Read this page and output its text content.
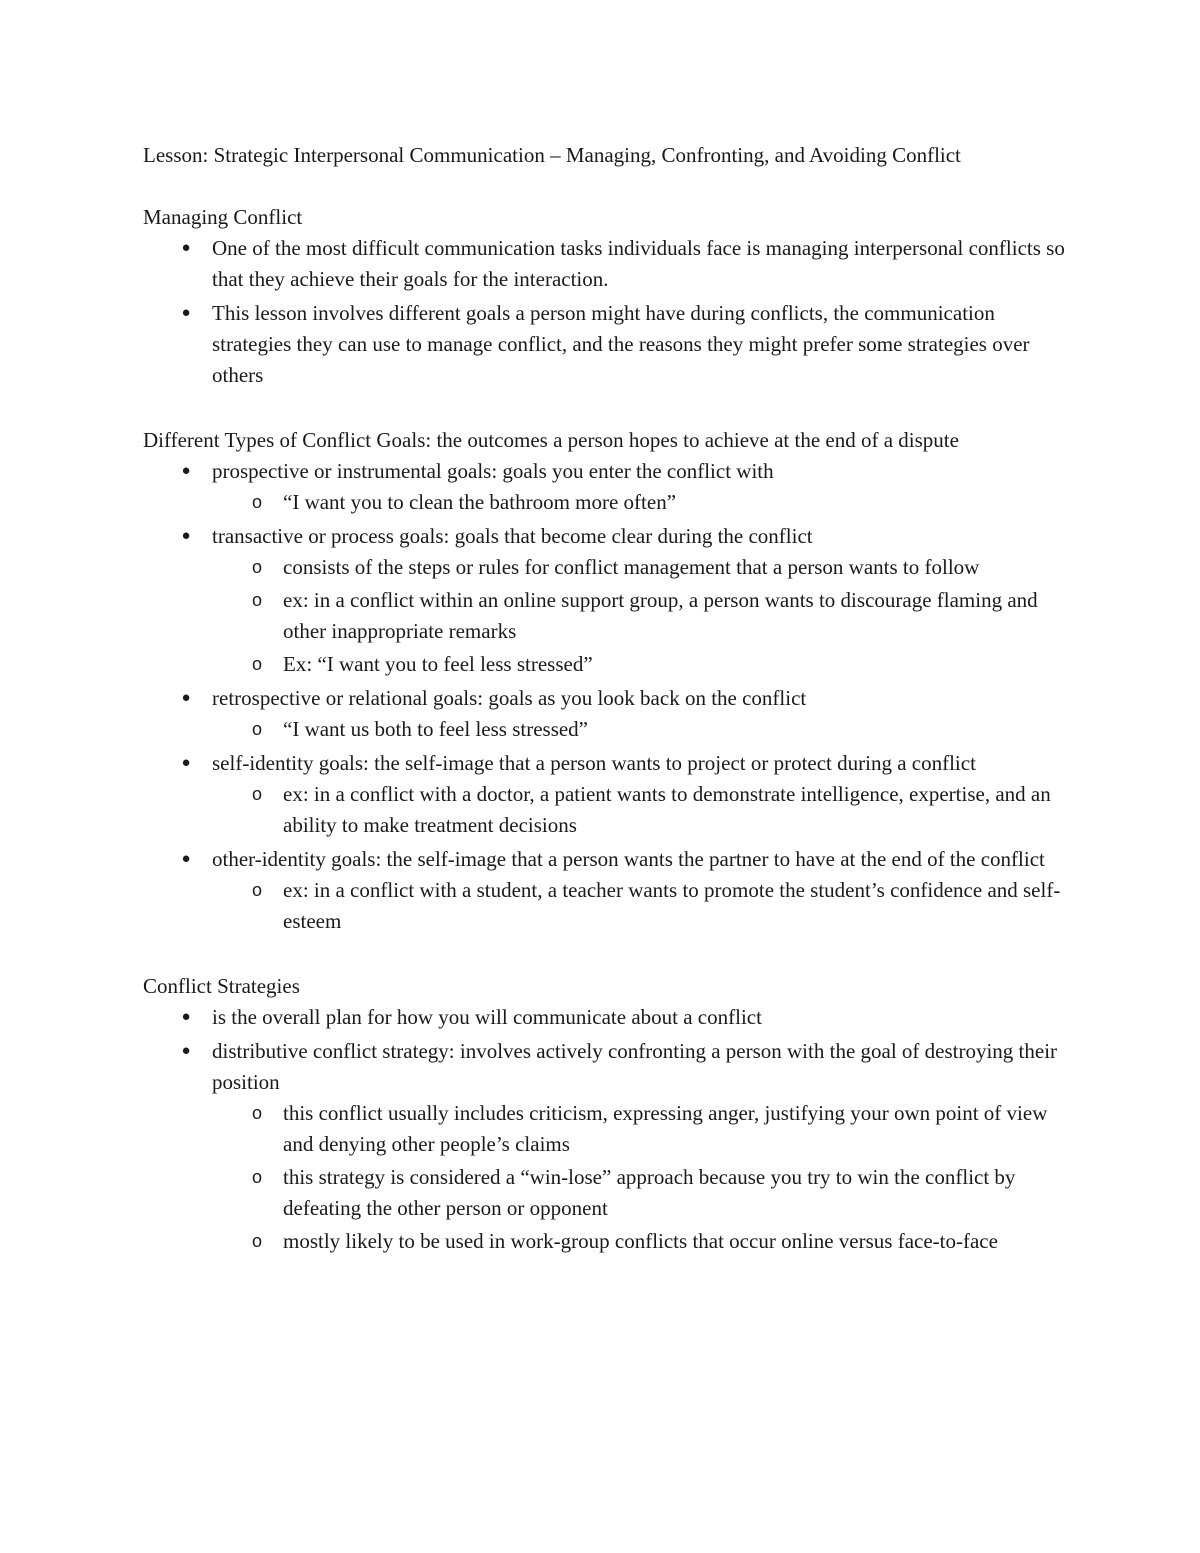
Lesson: Strategic Interpersonal Communication – Managing, Confronting, and Avoiding Conflict

Managing Conflict

● One of the most difficult communication tasks individuals face is managing interpersonal conflicts so that they achieve their goals for the interaction.
● This lesson involves different goals a person might have during conflicts, the communication strategies they can use to manage conflict, and the reasons they might prefer some strategies over others

Different Types of Conflict Goals: the outcomes a person hopes to achieve at the end of a dispute

● prospective or instrumental goals: goals you enter the conflict with
o “I want you to clean the bathroom more often”
● transactive or process goals: goals that become clear during the conflict
o consists of the steps or rules for conflict management that a person wants to follow
o ex: in a conflict within an online support group, a person wants to discourage flaming and other inappropriate remarks
o Ex: “I want you to feel less stressed”
● retrospective or relational goals: goals as you look back on the conflict
o “I want us both to feel less stressed”
● self-identity goals: the self-image that a person wants to project or protect during a conflict
o ex: in a conflict with a doctor, a patient wants to demonstrate intelligence, expertise, and an ability to make treatment decisions
● other-identity goals: the self-image that a person wants the partner to have at the end of the conflict
o ex: in a conflict with a student, a teacher wants to promote the student’s confidence and self-esteem

Conflict Strategies

● is the overall plan for how you will communicate about a conflict
● distributive conflict strategy: involves actively confronting a person with the goal of destroying their position
o this conflict usually includes criticism, expressing anger, justifying your own point of view and denying other people’s claims
o this strategy is considered a “win-lose” approach because you try to win the conflict by defeating the other person or opponent
o mostly likely to be used in work-group conflicts that occur online versus face-to-face
